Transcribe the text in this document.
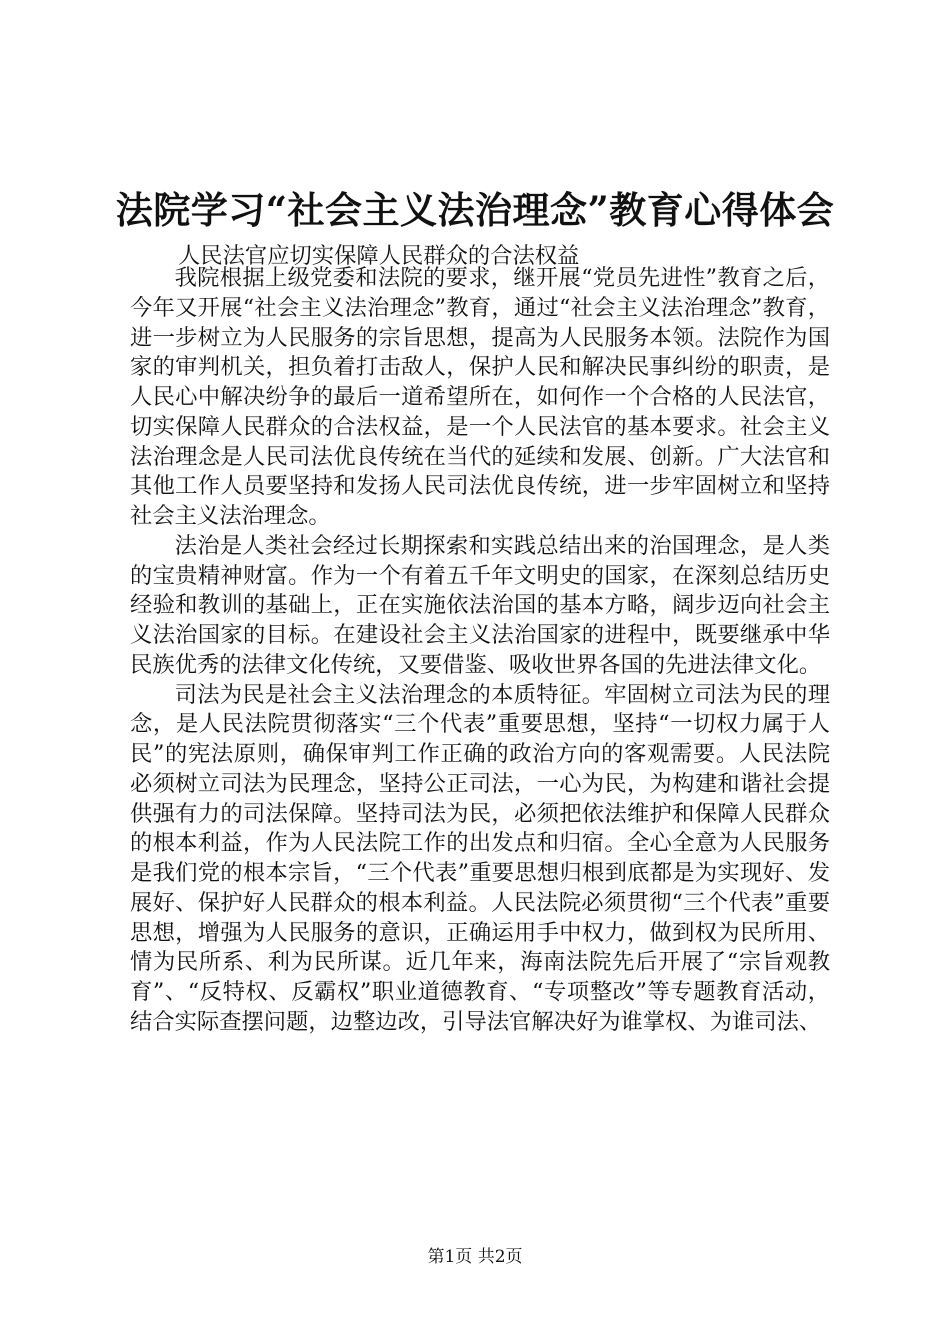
法院学习“社会主义法治理念”教育心得体会
人民法官应切实保障人民群众的合法权益

我院根据上级党委和法院的要求，继开展“党员先进性”教育之后，今年又开展“社会主义法治理念”教育，通过“社会主义法治理念”教育，进一步树立为人民服务的宗旨思想，提高为人民服务本领。法院作为国家的审判机关，担负着打击敌人，保护人民和解决民事纠纷的职责，是人民心中解决纷争的最后一道希望所在，如何作一个合格的人民法官，切实保障人民群众的合法权益，是一个人民法官的基本要求。社会主义法治理念是人民司法优良传统在当代的延续和发展、创新。广大法官和其他工作人员要坚持和发扬人民司法优良传统，进一步牢固树立和坚持社会主义法治理念。

法治是人类社会经过长期探索和实践总结出来的治国理念，是人类的宝贵精神财富。作为一个有着五千年文明史的国家，在深刻总结历史经验和教训的基础上，正在实施依法治国的基本方略，阔步迈向社会主义法治国家的目标。在建设社会主义法治国家的进程中，既要继承中华民族优秀的法律文化传统，又要借鉴、吸收世界各国的先进法律文化。

司法为民是社会主义法治理念的本质特征。牢固树立司法为民的理念，是人民法院贯彻落实“三个代表”重要思想，坚持“一切权力属于人民”的宪法原则，确保审判工作正确的政治方向的客观需要。人民法院必须树立司法为民理念，坚持公正司法，一心为民，为构建和谐社会提供强有力的司法保障。坚持司法为民，必须把依法维护和保障人民群众的根本利益，作为人民法院工作的出发点和归宿。全心全意为人民服务是我们党的根本宗旨，“三个代表”重要思想归根到底都是为实现好、发展好、保护好人民群众的根本利益。人民法院必须贯彻“三个代表”重要思想，增强为人民服务的意识，正确运用手中权力，做到权为民所用、情为民所系、利为民所谋。近几年来，海南法院先后开展了“宗旨观教育”、“反特权、反霸权”职业道德教育、“专项整改”等专题教育活动，结合实际查摆问题，边整边改，引导法官解决好为谁掌权、为谁司法、

第1页 共2页
